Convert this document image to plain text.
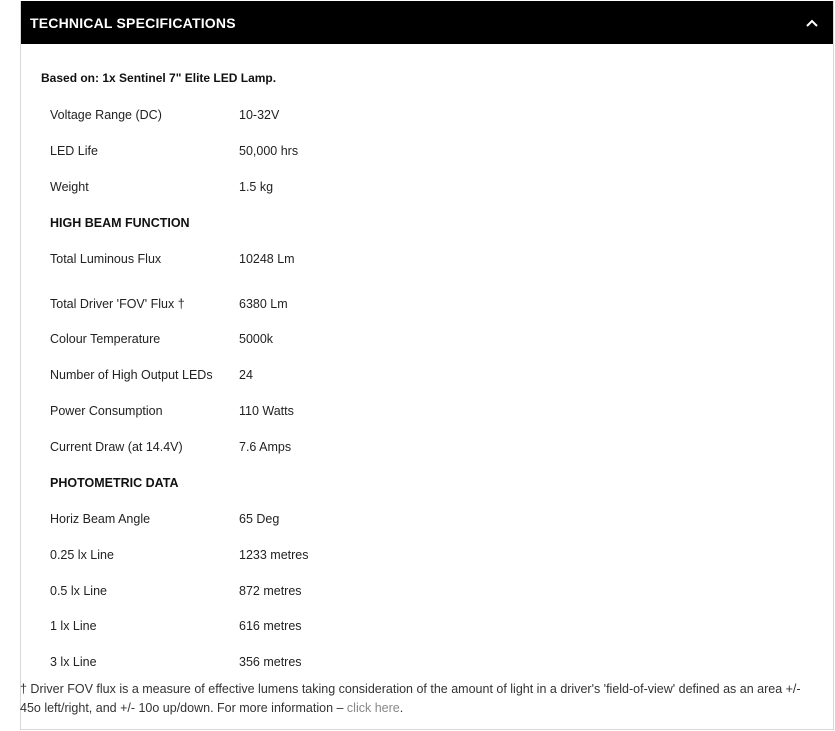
TECHNICAL SPECIFICATIONS
Based on: 1x Sentinel 7" Elite LED Lamp.
Voltage Range (DC)	10-32V
LED Life	50,000 hrs
Weight	1.5 kg
HIGH BEAM FUNCTION
Total Luminous Flux	10248 Lm
Total Driver 'FOV' Flux †	6380 Lm
Colour Temperature	5000k
Number of High Output LEDs 24
Power Consumption	110 Watts
Current Draw (at 14.4V)	7.6 Amps
PHOTOMETRIC DATA
Horiz Beam Angle	65 Deg
0.25 lx Line	1233 metres
0.5 lx Line	872 metres
1 lx Line	616 metres
3 lx Line	356 metres
† Driver FOV flux is a measure of effective lumens taking consideration of the amount of light in a driver's 'field-of-view' defined as an area +/- 45o left/right, and +/- 10o up/down. For more information – click here.
